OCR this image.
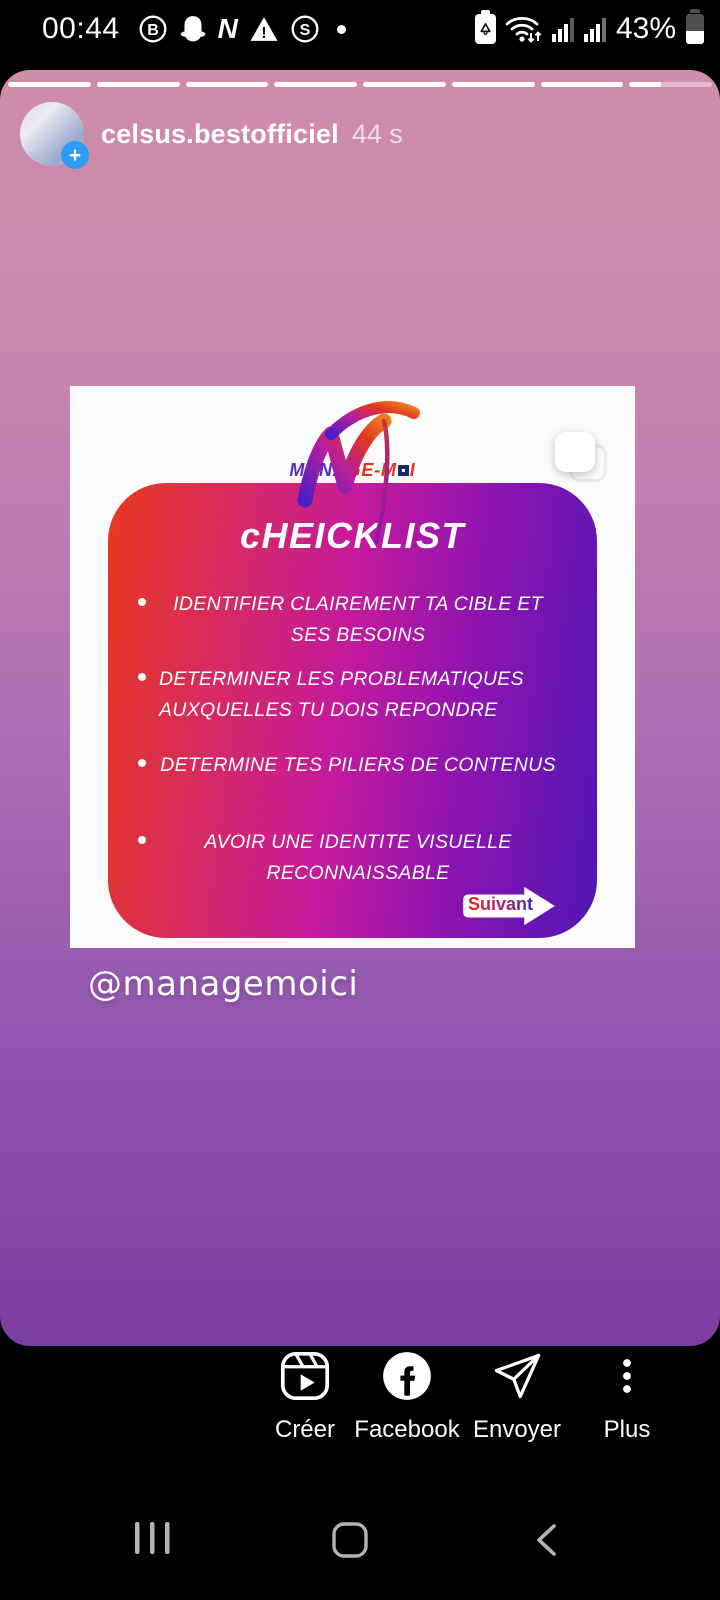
00:44 B N ! S	43%
+
celsus.bestofficiel 44 s
MANAGE-M I
cHEICKLIST
IDENTIFIER CLAIREMENT TA CIBLE ET SES BESOINS
DETERMINER LES PROBLEMATIQUES AUXQUELLES TU DOIS REPONDRE
DETERMINE TES PILIERS DE CONTENUS
AVOIR UNE IDENTITE VISUELLE RECONNAISSABLE
Suivant
@managemoici
Créer Facebook Envoyer	Plus
